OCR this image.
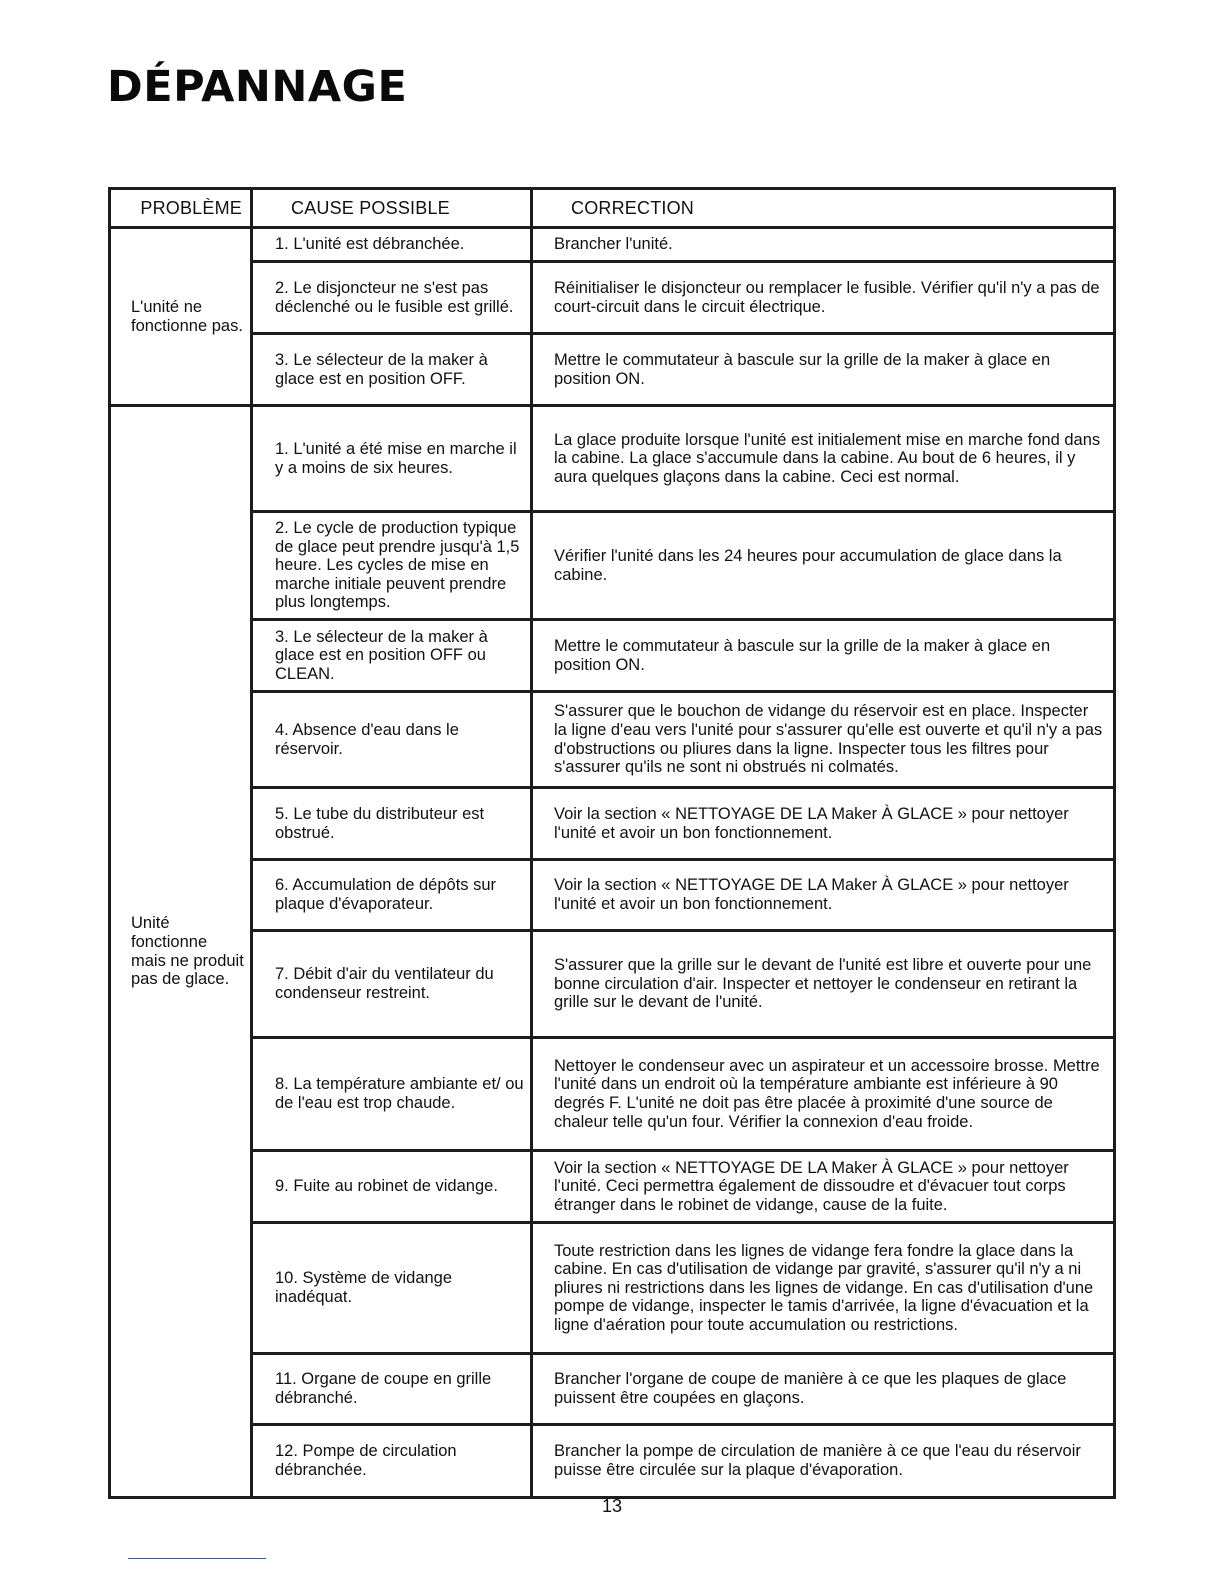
DÉPANNAGE
PROBLÈME	CAUSE POSSIBLE	CORRECTION
L'unité ne fonctionne pas.	1. L'unité est débranchée.	Brancher l'unité.
	2. Le disjoncteur ne s'est pas déclenché ou le fusible est grillé.	Réinitialiser le disjoncteur ou remplacer le fusible. Vérifier qu'il n'y a pas de court-circuit dans le circuit électrique.
	3. Le sélecteur de la maker à glace est en position OFF.	Mettre le commutateur à bascule sur la grille de la maker à glace en position ON.
Unité fonctionne mais ne produit pas de glace.	1. L'unité a été mise en marche il y a moins de six heures.	La glace produite lorsque l'unité est initialement mise en marche fond dans la cabine. La glace s'accumule dans la cabine. Au bout de 6 heures, il y aura quelques glaçons dans la cabine. Ceci est normal.
	2. Le cycle de production typique de glace peut prendre jusqu'à 1,5 heure. Les cycles de mise en marche initiale peuvent prendre plus longtemps.	Vérifier l'unité dans les 24 heures pour accumulation de glace dans la cabine.
	3. Le sélecteur de la maker à glace est en position OFF ou CLEAN.	Mettre le commutateur à bascule sur la grille de la maker à glace en position ON.
	4. Absence d'eau dans le réservoir.	S'assurer que le bouchon de vidange du réservoir est en place. Inspecter la ligne d'eau vers l'unité pour s'assurer qu'elle est ouverte et qu'il n'y a pas d'obstructions ou pliures dans la ligne. Inspecter tous les filtres pour s'assurer qu'ils ne sont ni obstrués ni colmatés.
	5. Le tube du distributeur est obstrué.	Voir la section « NETTOYAGE DE LA Maker À GLACE » pour nettoyer l'unité et avoir un bon fonctionnement.
	6. Accumulation de dépôts sur plaque d'évaporateur.	Voir la section « NETTOYAGE DE LA Maker À GLACE » pour nettoyer l'unité et avoir un bon fonctionnement.
	7. Débit d'air du ventilateur du condenseur restreint.	S'assurer que la grille sur le devant de l'unité est libre et ouverte pour une bonne circulation d'air. Inspecter et nettoyer le condenseur en retirant la grille sur le devant de l'unité.
	8. La température ambiante et/ ou de l'eau est trop chaude.	Nettoyer le condenseur avec un aspirateur et un accessoire brosse. Mettre l'unité dans un endroit où la température ambiante est inférieure à 90 degrés F. L'unité ne doit pas être placée à proximité d'une source de chaleur telle qu'un four. Vérifier la connexion d'eau froide.
	9. Fuite au robinet de vidange.	Voir la section « NETTOYAGE DE LA Maker À GLACE » pour nettoyer l'unité. Ceci permettra également de dissoudre et d'évacuer tout corps étranger dans le robinet de vidange, cause de la fuite.
	10. Système de vidange inadéquat.	Toute restriction dans les lignes de vidange fera fondre la glace dans la cabine. En cas d'utilisation de vidange par gravité, s'assurer qu'il n'y a ni pliures ni restrictions dans les lignes de vidange. En cas d'utilisation d'une pompe de vidange, inspecter le tamis d'arrivée, la ligne d'évacuation et la ligne d'aération pour toute accumulation ou restrictions.
	11. Organe de coupe en grille débranché.	Brancher l'organe de coupe de manière à ce que les plaques de glace puissent être coupées en glaçons.
	12. Pompe de circulation débranchée.	Brancher la pompe de circulation de manière à ce que l'eau du réservoir puisse être circulée sur la plaque d'évaporation.
13
